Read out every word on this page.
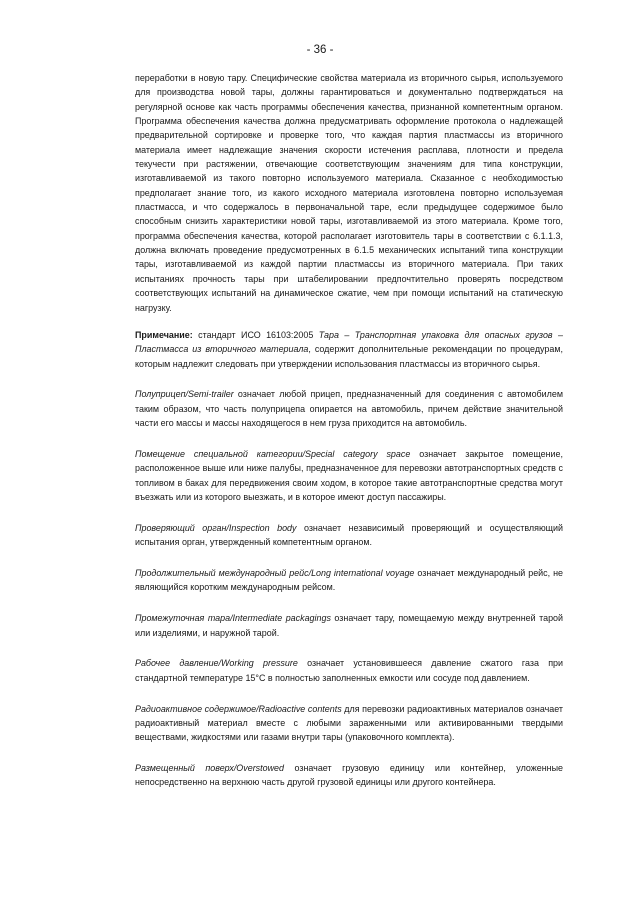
- 36 -

переработки в новую тару. Специфические свойства материала из вторичного сырья, используемого для производства новой тары, должны гарантироваться и документально подтверждаться на регулярной основе как часть программы обеспечения качества, признанной компетентным органом. Программа обеспечения качества должна предусматривать оформление протокола о надлежащей предварительной сортировке и проверке того, что каждая партия пластмассы из вторичного материала имеет надлежащие значения скорости истечения расплава, плотности и предела текучести при растяжении, отвечающие соответствующим значениям для типа конструкции, изготавливаемой из такого повторно используемого материала. Сказанное с необходимостью предполагает знание того, из какого исходного материала изготовлена повторно используемая пластмасса, и что содержалось в первоначальной таре, если предыдущее содержимое было способным снизить характеристики новой тары, изготавливаемой из этого материала. Кроме того, программа обеспечения качества, которой располагает изготовитель тары в соответствии с 6.1.1.3, должна включать проведение предусмотренных в 6.1.5 механических испытаний типа конструкции тары, изготавливаемой из каждой партии пластмассы из вторичного материала. При таких испытаниях прочность тары при штабелировании предпочтительно проверять посредством соответствующих испытаний на динамическое сжатие, чем при помощи испытаний на статическую нагрузку.

Примечание: стандарт ИСО 16103:2005 Тара – Транспортная упаковка для опасных грузов – Пластмасса из вторичного материала, содержит дополнительные рекомендации по процедурам, которым надлежит следовать при утверждении использования пластмассы из вторичного сырья.

Полуприцеп/Semi-trailer означает любой прицеп, предназначенный для соединения с автомобилем таким образом, что часть полуприцепа опирается на автомобиль, причем действие значительной части его массы и массы находящегося в нем груза приходится на автомобиль.

Помещение специальной категории/Special category space означает закрытое помещение, расположенное выше или ниже палубы, предназначенное для перевозки автотранспортных средств с топливом в баках для передвижения своим ходом, в которое такие автотранспортные средства могут въезжать или из которого выезжать, и в которое имеют доступ пассажиры.

Проверяющий орган/Inspection body означает независимый проверяющий и осуществляющий испытания орган, утвержденный компетентным органом.

Продолжительный международный рейс/Long international voyage означает международный рейс, не являющийся коротким международным рейсом.

Промежуточная тара/Intermediate packagings означает тару, помещаемую между внутренней тарой или изделиями, и наружной тарой.

Рабочее давление/Working pressure означает установившееся давление сжатого газа при стандартной температуре 15°C в полностью заполненных емкости или сосуде под давлением.

Радиоактивное содержимое/Radioactive contents для перевозки радиоактивных материалов означает радиоактивный материал вместе с любыми зараженными или активированными твердыми веществами, жидкостями или газами внутри тары (упаковочного комплекта).

Размещенный поверх/Overstowed означает грузовую единицу или контейнер, уложенные непосредственно на верхнюю часть другой грузовой единицы или другого контейнера.
